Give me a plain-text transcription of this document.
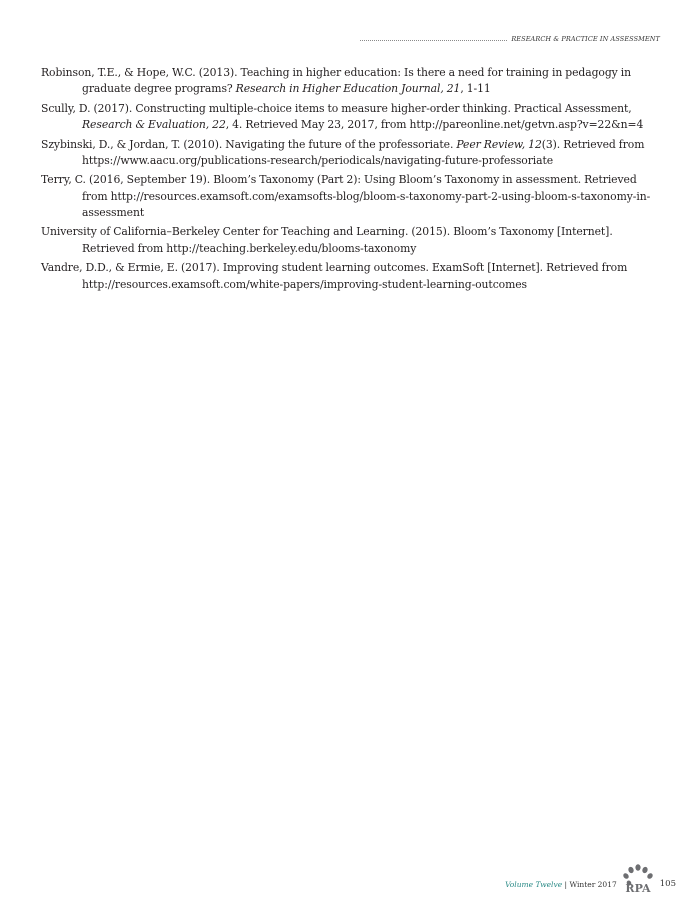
RESEARCH & PRACTICE IN ASSESSMENT

Robinson, T.E., & Hope, W.C. (2013). Teaching in higher education: Is there a need for training in pedagogy in graduate degree programs? Research in Higher Education Journal, 21, 1-11

Scully, D. (2017). Constructing multiple-choice items to measure higher-order thinking. Practical Assessment, Research & Evaluation, 22, 4. Retrieved May 23, 2017, from http://pareonline.net/getvn.asp?v=22&n=4

Szybinski, D., & Jordan, T. (2010). Navigating the future of the professoriate. Peer Review, 12(3). Retrieved from https://www.aacu.org/publications-research/periodicals/navigating-future-professoriate

Terry, C. (2016, September 19). Bloom’s Taxonomy (Part 2): Using Bloom’s Taxonomy in assessment. Retrieved from http://resources.examsoft.com/examsofts-blog/bloom-s-taxonomy-part-2-using-bloom-s-taxonomy-in-assessment

University of California–Berkeley Center for Teaching and Learning. (2015). Bloom’s Taxonomy [Internet]. Retrieved from http://teaching.berkeley.edu/blooms-taxonomy

Vandre, D.D., & Ermie, E. (2017). Improving student learning outcomes. ExamSoft [Internet]. Retrieved from http://resources.examsoft.com/white-papers/improving-student-learning-outcomes

Volume Twelve | Winter 2017 RPA 105
